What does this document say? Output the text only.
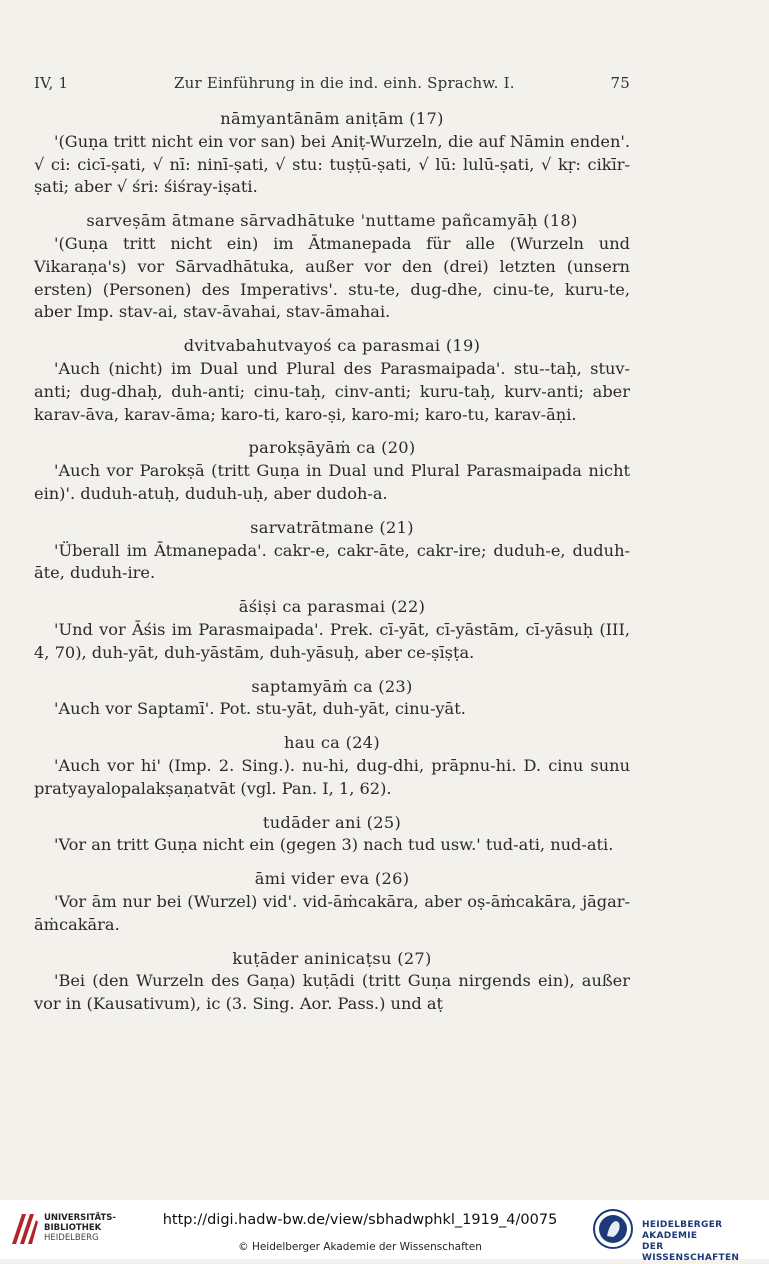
IV, 1	Zur Einführung in die ind. einh. Sprachw. I.	75

nāmyantānām aniṭām (17)

'(Guṇa tritt nicht ein vor san) bei Aniṭ-Wurzeln, die auf Nāmin enden'. √ ci: cicī-ṣati, √ nī: ninī-ṣati, √ stu: tuṣṭū-ṣati, √ lū: lulū-ṣati, √ kṛ: cikīr-ṣati; aber √ śri: śiśray-iṣati.

sarveṣām ātmane sārvadhātuke 'nuttame pañcamyāḥ (18)

'(Guṇa tritt nicht ein) im Ātmanepada für alle (Wurzeln und Vikaraṇa's) vor Sārvadhātuka, außer vor den (drei) letzten (unsern ersten) (Personen) des Imperativs'. stu-te, dug-dhe, cinu-te, kuru-te, aber Imp. stav-ai, stav-āvahai, stav-āmahai.

dvitvabahutvayoś ca parasmai (19)

'Auch (nicht) im Dual und Plural des Parasmaipada'. stu--taḥ, stuv-anti; dug-dhaḥ, duh-anti; cinu-taḥ, cinv-anti; kuru-taḥ, kurv-anti; aber karav-āva, karav-āma; karo-ti, karo-ṣi, karo-mi; karo-tu, karav-āṇi.

parokṣāyāṁ ca (20)

'Auch vor Parokṣā (tritt Guṇa in Dual und Plural Parasmaipada nicht ein)'. duduh-atuḥ, duduh-uḥ, aber dudoh-a.

sarvatrātmane (21)

'Überall im Ātmanepada'. cakr-e, cakr-āte, cakr-ire; duduh-e, duduh-āte, duduh-ire.

āśiṣi ca parasmai (22)

'Und vor Āśis im Parasmaipada'. Prek. cī-yāt, cī-yāstām, cī-yāsuḥ (III, 4, 70), duh-yāt, duh-yāstām, duh-yāsuḥ, aber ce-ṣīṣṭa.

saptamyāṁ ca (23)

'Auch vor Saptamī'. Pot. stu-yāt, duh-yāt, cinu-yāt.

hau ca (24)

'Auch vor hi' (Imp. 2. Sing.). nu-hi, dug-dhi, prāpnu-hi. D. cinu sunu pratyayalopalakṣaṇatvāt (vgl. Pan. I, 1, 62).

tudāder ani (25)

'Vor an tritt Guṇa nicht ein (gegen 3) nach tud usw.' tud-ati, nud-ati.

āmi vider eva (26)

'Vor ām nur bei (Wurzel) vid'. vid-āṁcakāra, aber oṣ-āṁcakāra, jāgar-āṁcakāra.

kuṭāder aninicaṭsu (27)

'Bei (den Wurzeln des Gaṇa) kuṭādi (tritt Guṇa nirgends ein), außer vor in (Kausativum), ic (3. Sing. Aor. Pass.) und aṭ

UNIVERSITÄTS-
BIBLIOTHEK
HEIDELBERG
http://digi.hadw-bw.de/view/sbhadwphkl_1919_4/0075
© Heidelberger Akademie der Wissenschaften
HEIDELBERGER AKADEMIE
DER WISSENSCHAFTEN
